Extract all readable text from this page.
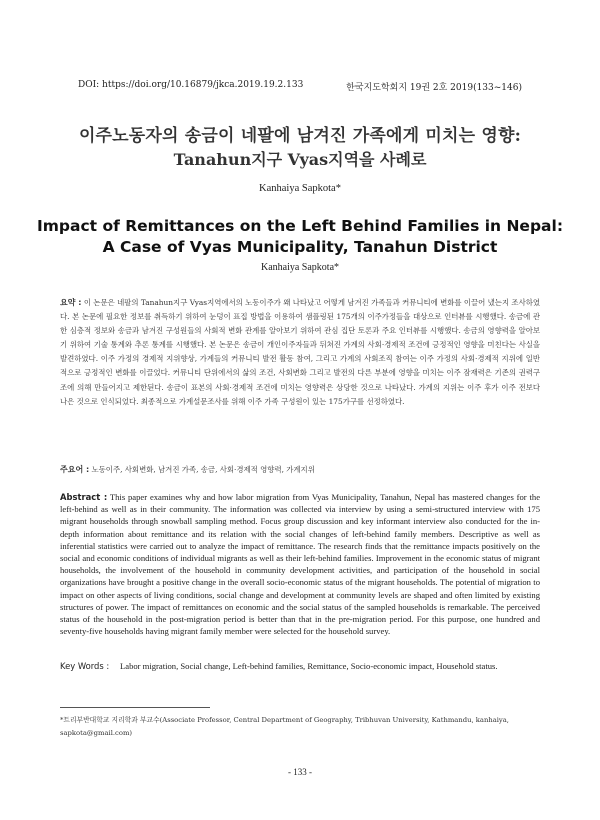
DOI: https://doi.org/10.16879/jkca.2019.19.2.133	한국지도학회지 19권 2호 2019(133~146)
이주노동자의 송금이 네팔에 남겨진 가족에게 미치는 영향:
Tanahun지구 Vyas지역을 사례로
Kanhaiya Sapkota*
Impact of Remittances on the Left Behind Families in Nepal:
A Case of Vyas Municipality, Tanahun District
Kanhaiya Sapkota*
요약 : 이 논문은 네팔의 Tanahun지구 Vyas지역에서의 노동이주가 왜 나타났고 어떻게 남겨진 가족들과 커뮤니티에 변화를 이끌어 냈는지 조사하였다. 본 논문에 필요한 정보를 취득하기 위하여 눈덩이 표집 방법을 이용하여 샘플링된 175개의 이주가정들을 대상으로 인터뷰를 시행했다. 송금에 관한 심층적 정보와 송금과 남겨진 구성원들의 사회적 변화 관계를 알아보기 위하여 관심 집단 토론과 주요 인터뷰를 시행했다. 송금의 영향력을 알아보기 위하여 기술 통계와 추론 통계를 시행했다. 본 논문은 송금이 개인이주자들과 뒤쳐진 가계의 사회·경제적 조건에 긍정적인 영향을 미친다는 사실을 발견하였다. 이주 가정의 경제적 지위향상, 가계들의 커뮤니티 발전 활동 참여, 그리고 가계의 사회조직 참여는 이주 가정의 사회·경제적 지위에 일반적으로 긍정적인 변화를 이끌었다. 커뮤니티 단위에서의 삶의 조건, 사회변화 그리고 발전의 다른 부분에 영향을 미치는 이주 잠재력은 기존의 권력구조에 의해 만들어지고 제한된다. 송금이 표본의 사회·경제적 조건에 미치는 영향력은 상당한 것으로 나타났다. 가계의 지위는 이주 후가 이주 전보다 나은 것으로 인식되었다. 최종적으로 가계설문조사를 위해 이주 가족 구성원이 있는 175가구를 선정하였다.
주요어 : 노동이주, 사회변화, 남겨진 가족, 송금, 사회·경제적 영향력, 가계지위
Abstract : This paper examines why and how labor migration from Vyas Municipality, Tanahun, Nepal has mastered changes for the left-behind as well as in their community. The information was collected via interview by using a semi-structured interview with 175 migrant households through snowball sampling method. Focus group discussion and key informant interview also conducted for the in-depth information about remittance and its relation with the social changes of left-behind family members. Descriptive as well as inferential statistics were carried out to analyze the impact of remittance. The research finds that the remittance impacts positively on the social and economic conditions of individual migrants as well as their left-behind families. Improvement in the economic status of migrant households, the involvement of the household in community development activities, and participation of the household in social organizations have brought a positive change in the overall socio-economic status of the migrant households. The potential of migration to impact on other aspects of living conditions, social change and development at community levels are shaped and often limited by existing structures of power. The impact of remittances on economic and the social status of the sampled households is remarkable. The perceived status of the household in the post-migration period is better than that in the pre-migration period. For this purpose, one hundred and seventy-five households having migrant family member were selected for the household survey.
Key Words :	Labor migration, Social change, Left-behind families, Remittance, Socio-economic impact, Household status.
*트리부반대학교 지리학과 부교수(Associate Professor, Central Department of Geography, Tribhuvan University, Kathmandu, kanhaiya,
sapkota@gmail.com)
- 133 -
